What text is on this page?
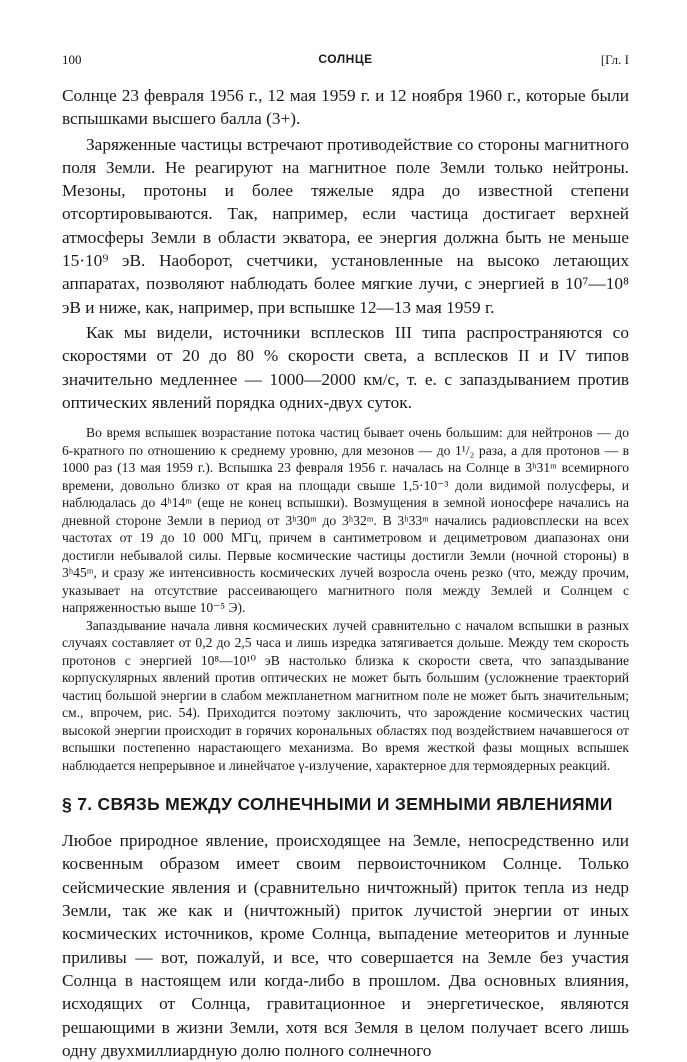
100	СОЛНЦЕ	[Гл. I

Солнце 23 февраля 1956 г., 12 мая 1959 г. и 12 ноября 1960 г., которые были вспышками высшего балла (3+).

Заряженные частицы встречают противодействие со стороны магнитного поля Земли. Не реагируют на магнитное поле Земли только нейтроны. Мезоны, протоны и более тяжелые ядра до известной степени отсортировываются. Так, например, если частица достигает верхней атмосферы Земли в области экватора, ее энергия должна быть не меньше 15·10⁹ эВ. Наоборот, счетчики, установленные на высоко летающих аппаратах, позволяют наблюдать более мягкие лучи, с энергией в 10⁷—10⁸ эВ и ниже, как, например, при вспышке 12—13 мая 1959 г.

Как мы видели, источники всплесков III типа распространяются со скоростями от 20 до 80 % скорости света, а всплесков II и IV типов значительно медленнее — 1000—2000 км/с, т. е. с запаздыванием против оптических явлений порядка одних-двух суток.

Во время вспышек возрастание потока частиц бывает очень большим: для нейтронов — до 6-кратного по отношению к среднему уровню, для мезонов — до 1¹/₂ раза, а для протонов — в 1000 раз (13 мая 1959 г.). Вспышка 23 февраля 1956 г. началась на Солнце в 3ʰ31ᵐ всемирного времени, довольно близко от края на площади свыше 1,5·10⁻³ доли видимой полусферы, и наблюдалась до 4ʰ14ᵐ (еще не конец вспышки). Возмущения в земной ионосфере начались на дневной стороне Земли в период от 3ʰ30ᵐ до 3ʰ32ᵐ. В 3ʰ33ᵐ начались радиовсплески на всех частотах от 19 до 10 000 МГц, причем в сантиметровом и дециметровом диапазонах они достигли небывалой силы. Первые космические частицы достигли Земли (ночной стороны) в 3ʰ45ᵐ, и сразу же интенсивность космических лучей возросла очень резко (что, между прочим, указывает на отсутствие рассеивающего магнитного поля между Землей и Солнцем с напряженностью выше 10⁻⁵ Э).

Запаздывание начала ливня космических лучей сравнительно с началом вспышки в разных случаях составляет от 0,2 до 2,5 часа и лишь изредка затягивается дольше. Между тем скорость протонов с энергией 10⁸—10¹⁰ эВ настолько близка к скорости света, что запаздывание корпускулярных явлений против оптических не может быть большим (усложнение траекторий частиц большой энергии в слабом межпланетном магнитном поле не может быть значительным; см., впрочем, рис. 54). Приходится поэтому заключить, что зарождение космических частиц высокой энергии происходит в горячих корональных областях под воздействием начавшегося от вспышки постепенно нарастающего механизма. Во время жесткой фазы мощных вспышек наблюдается непрерывное и линейчатое γ-излучение, характерное для термоядерных реакций.

§ 7. СВЯЗЬ МЕЖДУ СОЛНЕЧНЫМИ И ЗЕМНЫМИ ЯВЛЕНИЯМИ

Любое природное явление, происходящее на Земле, непосредственно или косвенным образом имеет своим первоисточником Солнце. Только сейсмические явления и (сравнительно ничтожный) приток тепла из недр Земли, так же как и (ничтожный) приток лучистой энергии от иных космических источников, кроме Солнца, выпадение метеоритов и лунные приливы — вот, пожалуй, и все, что совершается на Земле без участия Солнца в настоящем или когда-либо в прошлом. Два основных влияния, исходящих от Солнца, гравитационное и энергетическое, являются решающими в жизни Земли, хотя вся Земля в целом получает всего лишь одну двухмиллиардную долю полного солнечного
